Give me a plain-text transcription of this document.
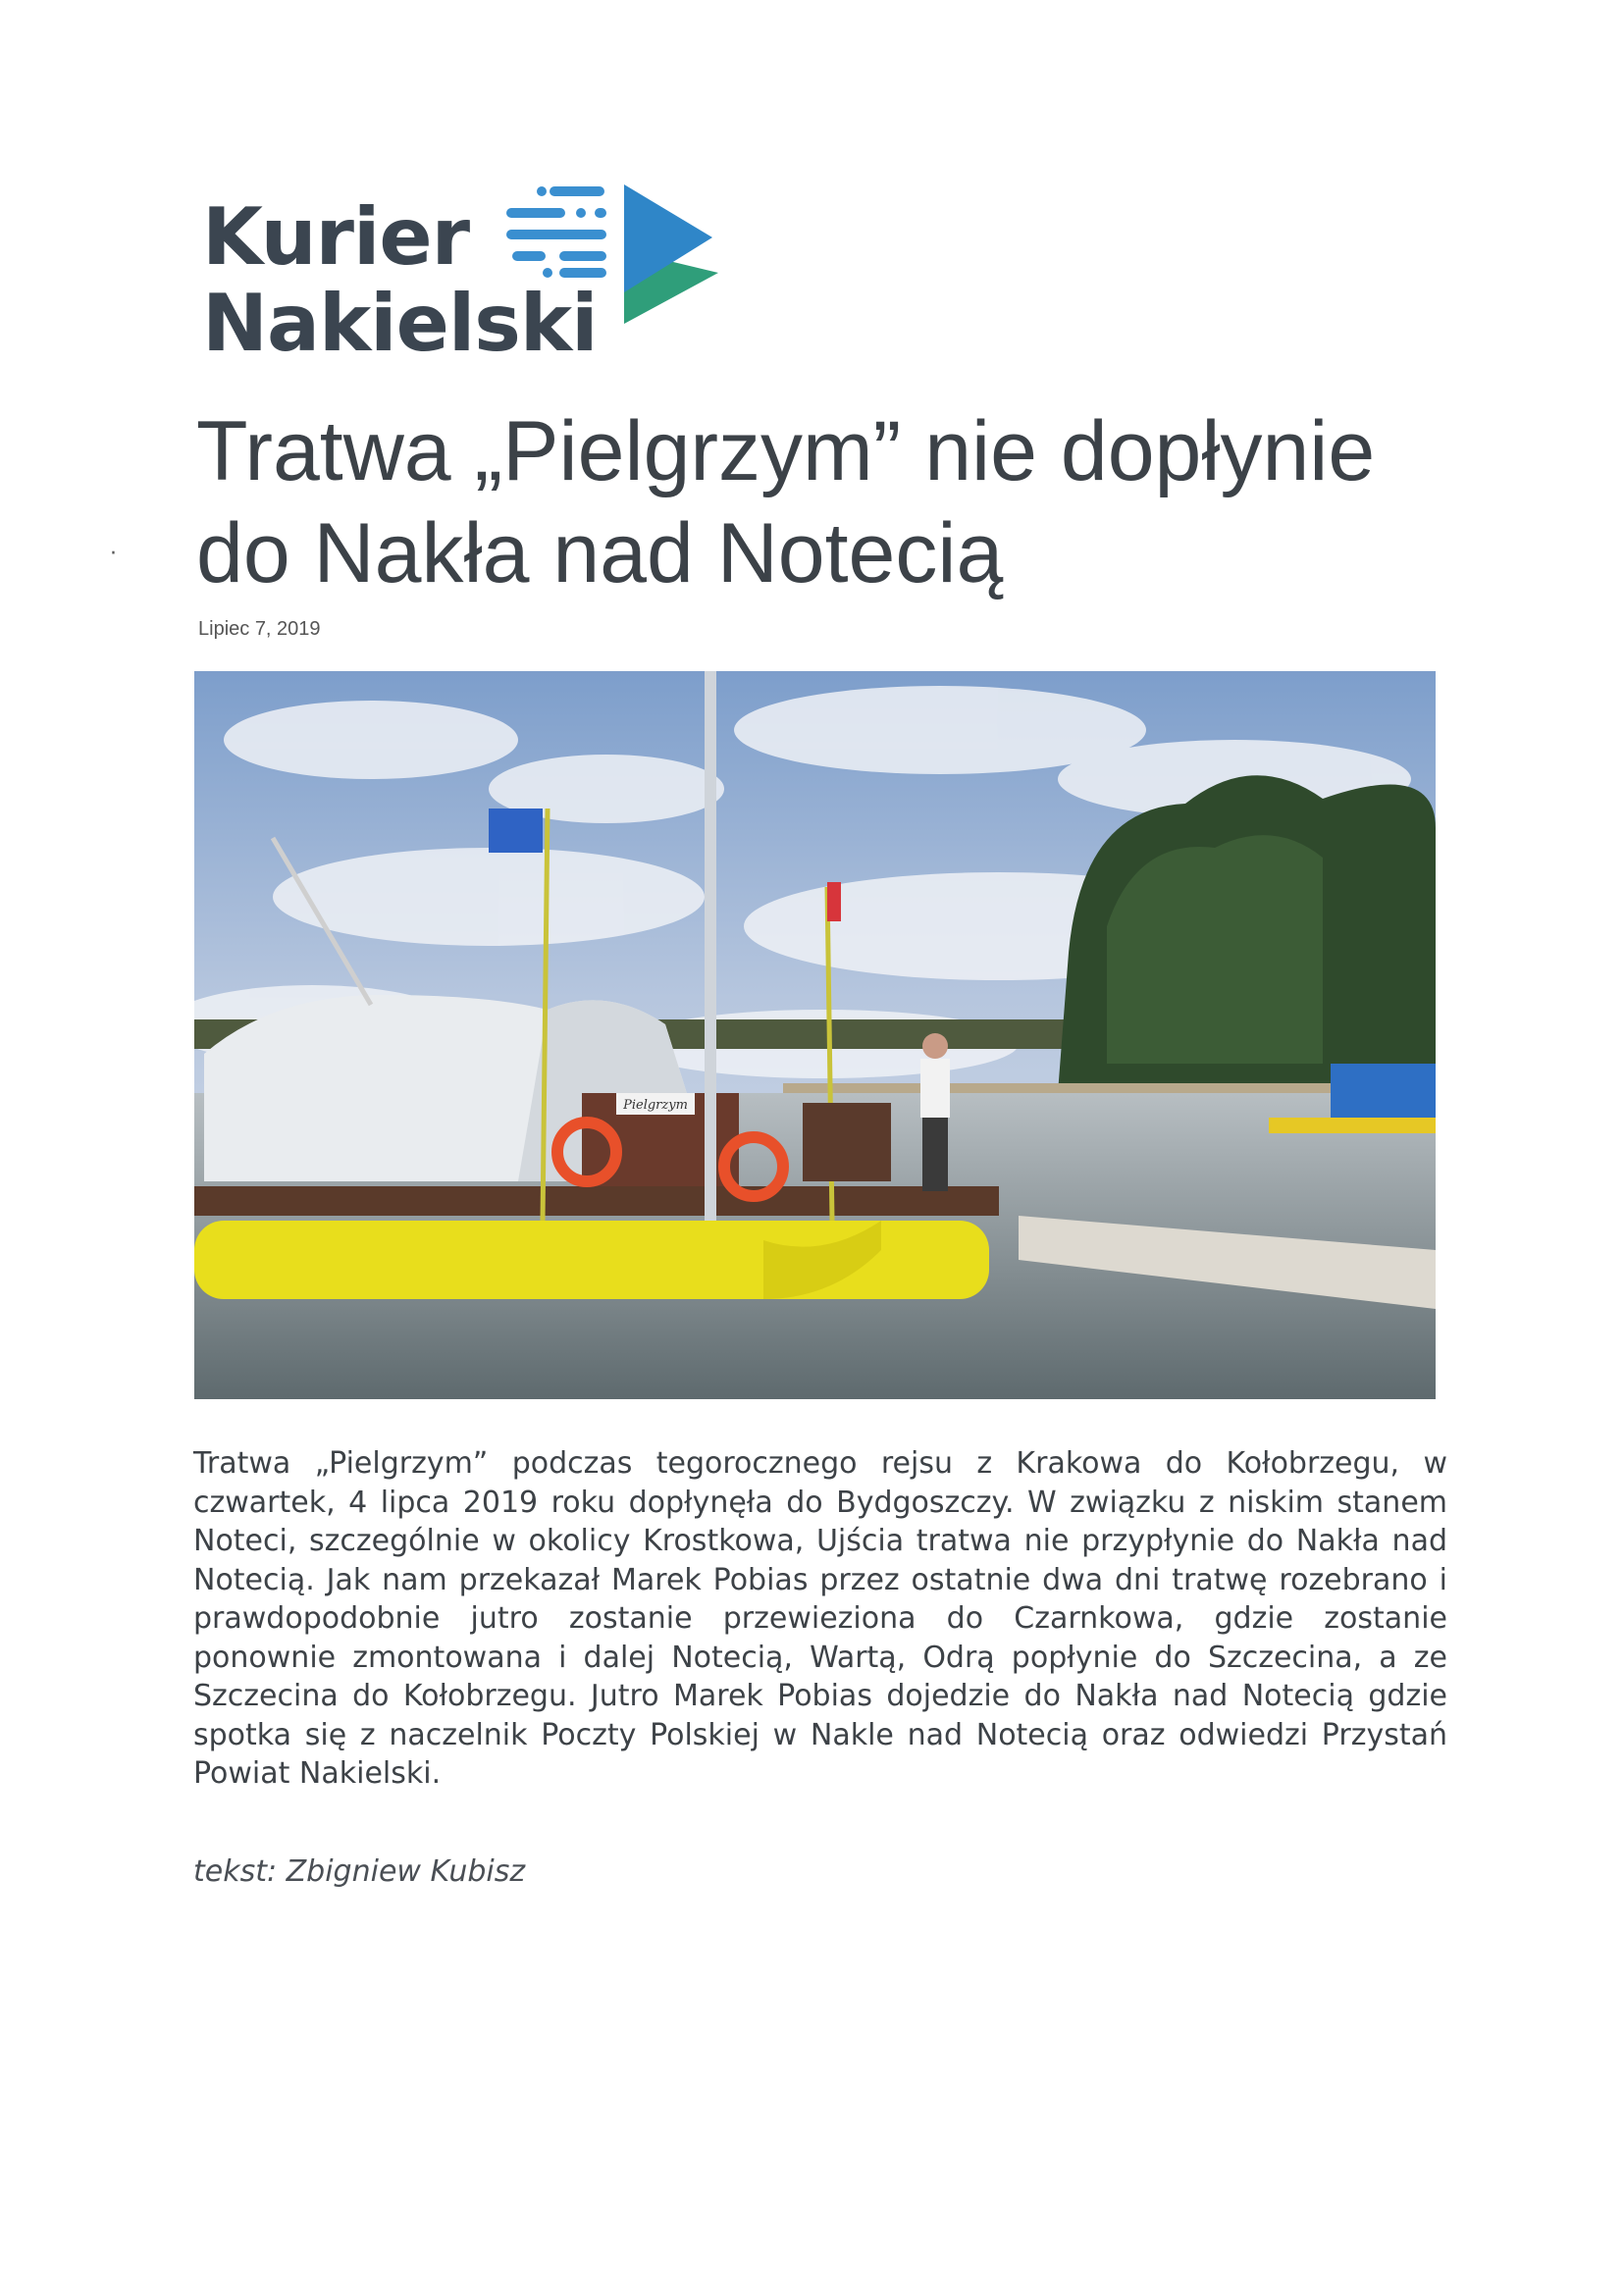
Kurier
Nakielski
Tratwa „Pielgrzym” nie dopłynie do Nakła nad Notecią
·
Lipiec 7, 2019
Pielgrzym

Tratwa „Pielgrzym” podczas tegorocznego rejsu z Krakowa do Kołobrzegu, w czwartek, 4 lipca 2019 roku dopłynęła do Bydgoszczy. W związku z niskim stanem Noteci, szczególnie w okolicy Krostkowa, Ujścia tratwa nie przypłynie do Nakła nad Notecią. Jak nam przekazał Marek Pobias przez ostatnie dwa dni tratwę rozebrano i prawdopodobnie jutro zostanie przewieziona do Czarnkowa, gdzie zostanie ponownie zmontowana i dalej Notecią, Wartą, Odrą popłynie do Szczecina, a ze Szczecina do Kołobrzegu. Jutro Marek Pobias dojedzie do Nakła nad Notecią gdzie spotka się z naczelnik Poczty Polskiej w Nakle nad Notecią oraz odwiedzi Przystań Powiat Nakielski.

tekst: Zbigniew Kubisz
